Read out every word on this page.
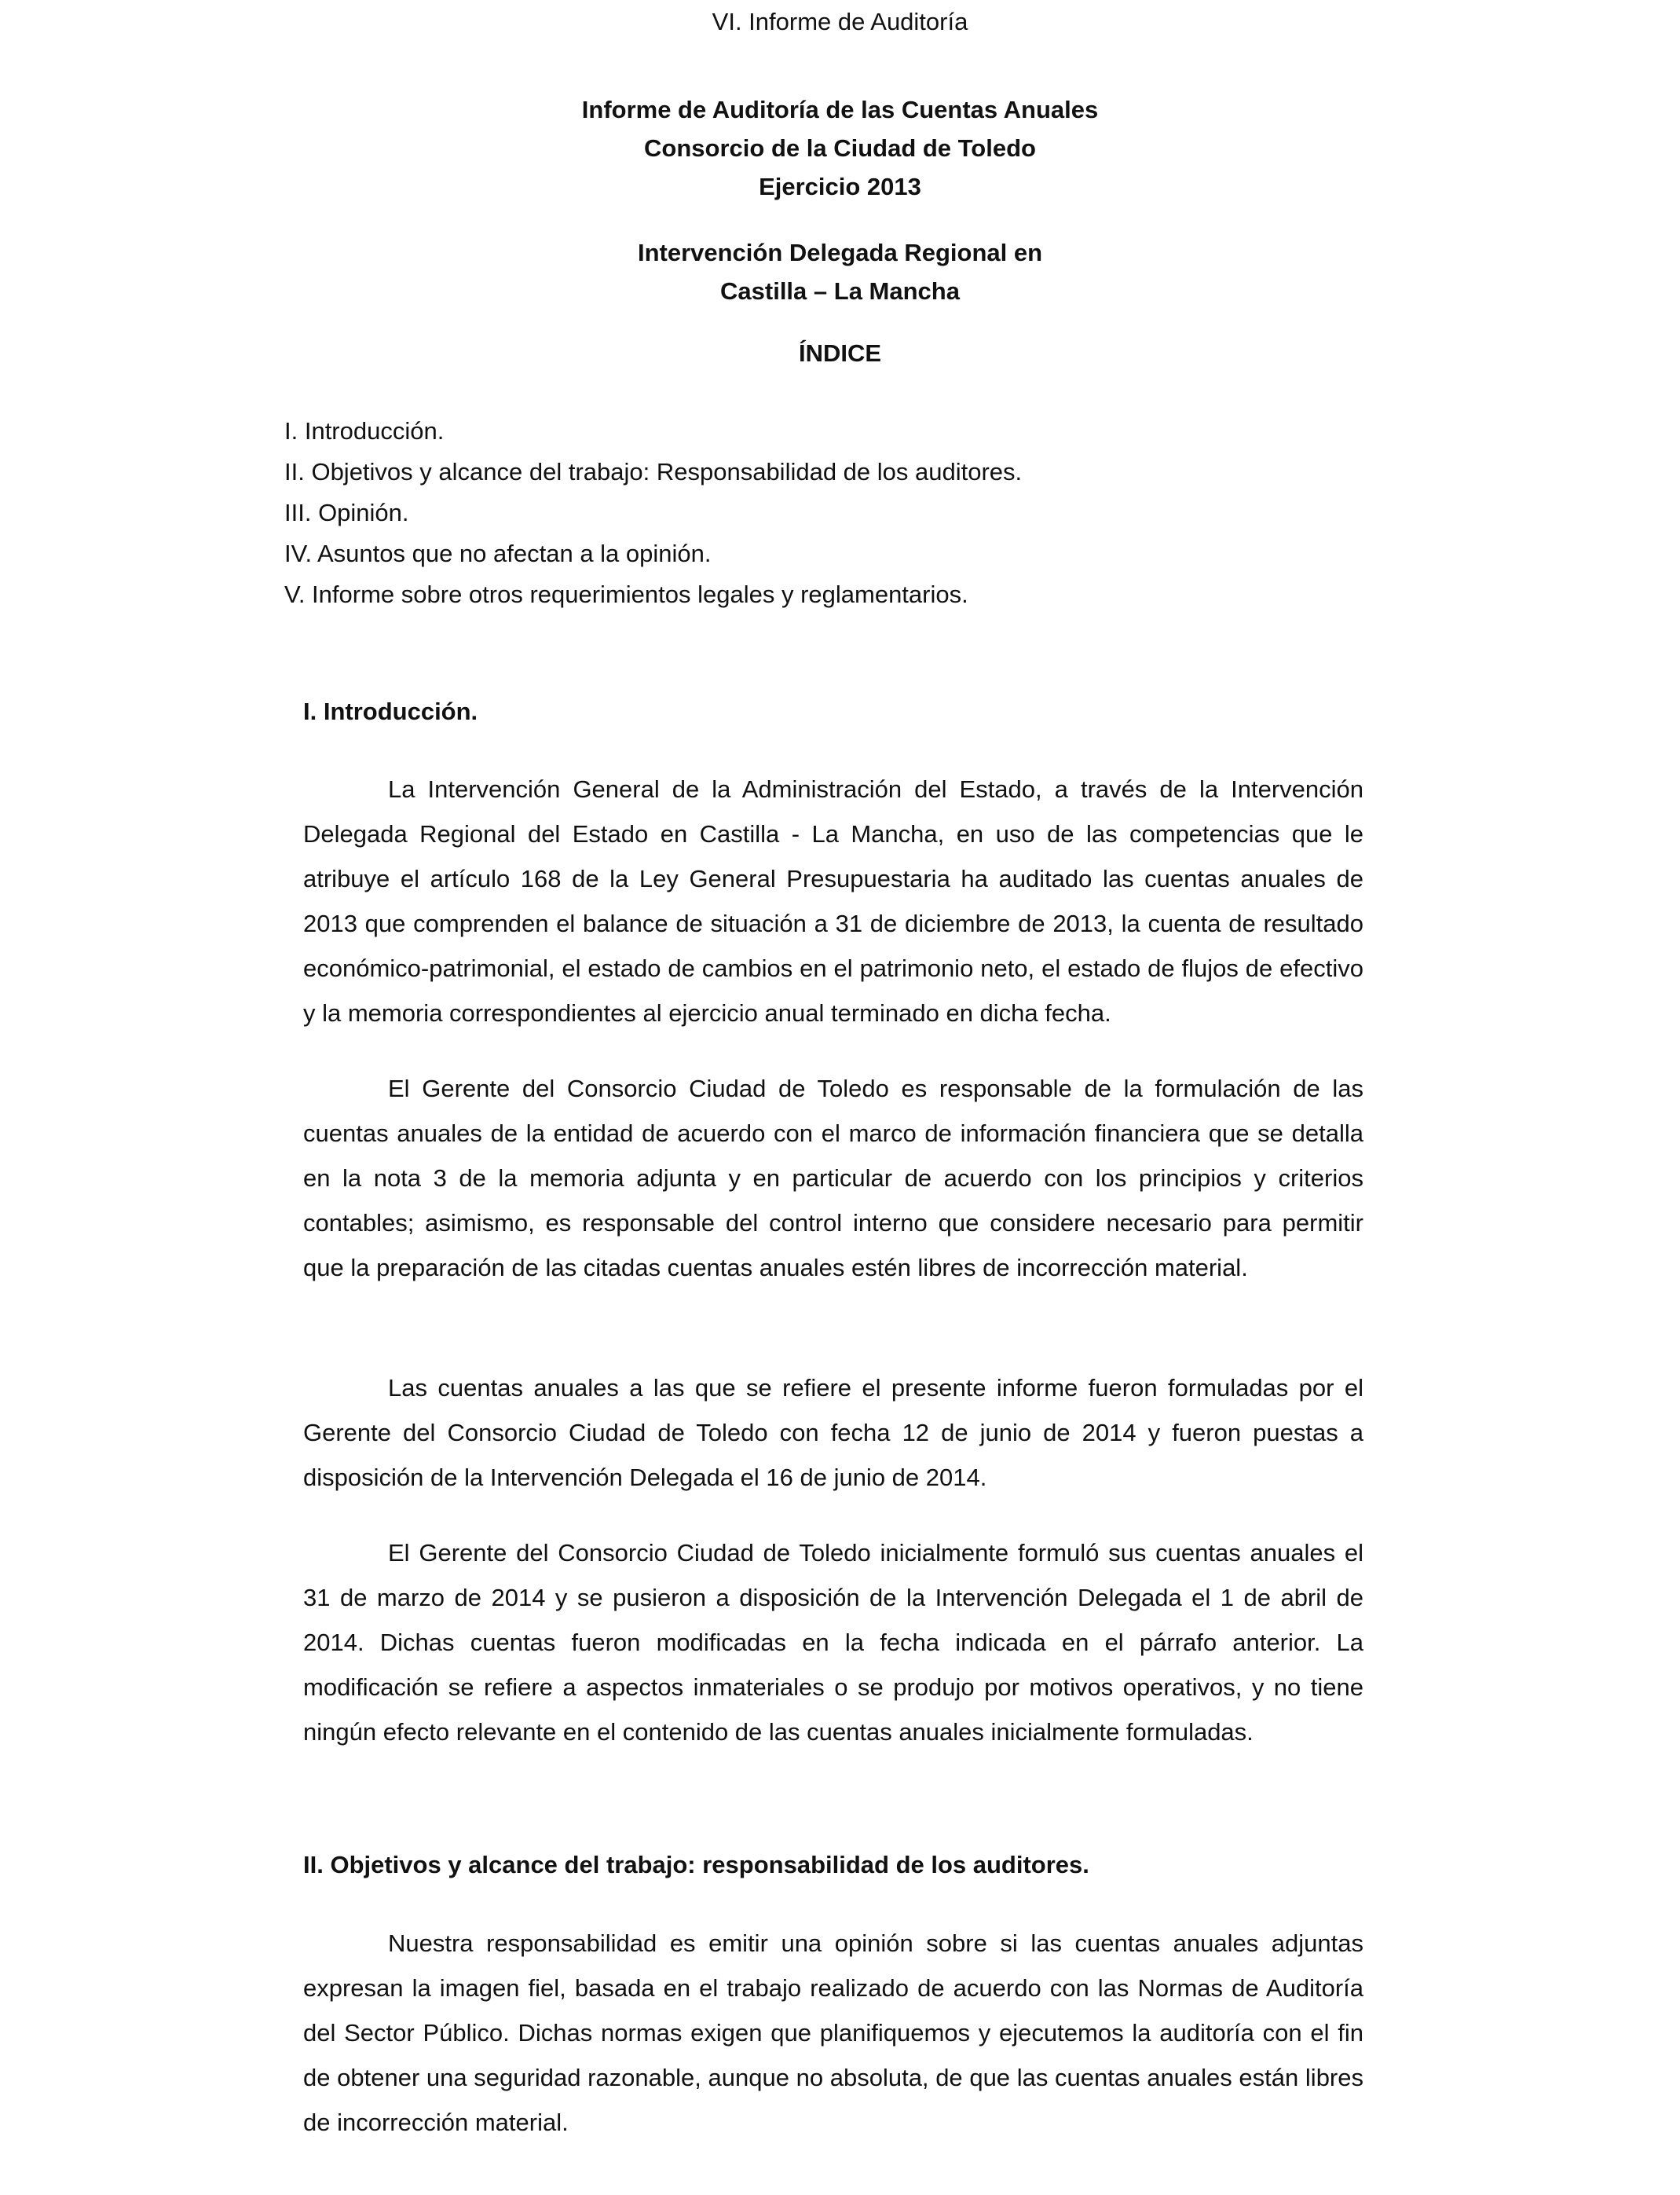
VI. Informe de Auditoría
Informe de Auditoría de las Cuentas Anuales
Consorcio de la Ciudad de Toledo
Ejercicio 2013
Intervención Delegada Regional en
Castilla – La Mancha
ÍNDICE
I. Introducción.
II. Objetivos y alcance del trabajo: Responsabilidad de los auditores.
III. Opinión.
IV. Asuntos que no afectan a la opinión.
V. Informe sobre otros requerimientos legales y reglamentarios.
I. Introducción.

La Intervención General de la Administración del Estado, a través de la Intervención Delegada Regional del Estado en Castilla - La Mancha, en uso de las competencias que le atribuye el artículo 168 de la Ley General Presupuestaria ha auditado las cuentas anuales de 2013 que comprenden el balance de situación a 31 de diciembre de 2013, la cuenta de resultado económico-patrimonial, el estado de cambios en el patrimonio neto, el estado de flujos de efectivo y la memoria correspondientes al ejercicio anual terminado en dicha fecha.

El Gerente del Consorcio Ciudad de Toledo es responsable de la formulación de las cuentas anuales de la entidad de acuerdo con el marco de información financiera que se detalla en la nota 3 de la memoria adjunta y en particular de acuerdo con los principios y criterios contables; asimismo, es responsable del control interno que considere necesario para permitir que la preparación de las citadas cuentas anuales estén libres de incorrección material.

Las cuentas anuales a las que se refiere el presente informe fueron formuladas por el Gerente del Consorcio Ciudad de Toledo con fecha 12 de junio de 2014 y fueron puestas a disposición de la Intervención Delegada el 16 de junio de 2014.

El Gerente del Consorcio Ciudad de Toledo inicialmente formuló sus cuentas anuales el 31 de marzo de 2014 y se pusieron a disposición de la Intervención Delegada el 1 de abril de 2014. Dichas cuentas fueron modificadas en la fecha indicada en el párrafo anterior. La modificación se refiere a aspectos inmateriales o se produjo por motivos operativos, y no tiene ningún efecto relevante en el contenido de las cuentas anuales inicialmente formuladas.

II. Objetivos y alcance del trabajo: responsabilidad de los auditores.

Nuestra responsabilidad es emitir una opinión sobre si las cuentas anuales adjuntas expresan la imagen fiel, basada en el trabajo realizado de acuerdo con las Normas de Auditoría del Sector Público. Dichas normas exigen que planifiquemos y ejecutemos la auditoría con el fin de obtener una seguridad razonable, aunque no absoluta, de que las cuentas anuales están libres de incorrección material.
